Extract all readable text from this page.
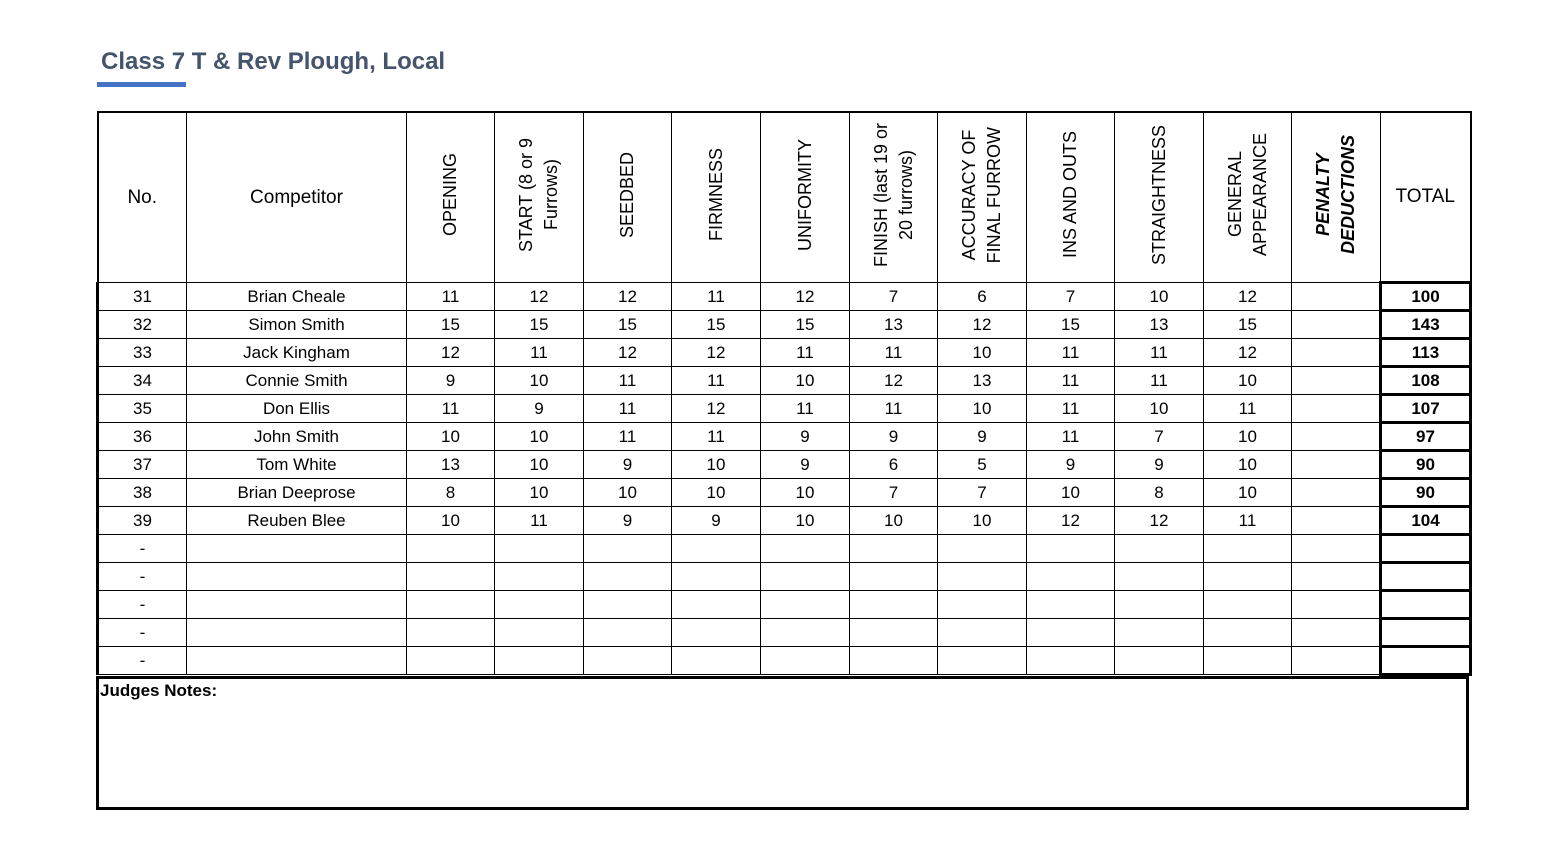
Class 7 T & Rev Plough, Local
No.	Competitor	OPENING	START (8 or 9
Furrows)	SEEDBED	FIRMNESS	UNIFORMITY	FINISH (last 19 or
20 furrows)	ACCURACY OF
FINAL FURROW	INS AND OUTS	STRAIGHTNESS	GENERAL
APPEARANCE	PENALTY
DEDUCTIONS	TOTAL
31	Brian Cheale	11	12	12	11	12	7	6	7	10	12		100
32	Simon Smith	15	15	15	15	15	13	12	15	13	15		143
33	Jack Kingham	12	11	12	12	11	11	10	11	11	12		113
34	Connie Smith	9	10	11	11	10	12	13	11	11	10		108
35	Don Ellis	11	9	11	12	11	11	10	11	10	11		107
36	John Smith	10	10	11	11	9	9	9	11	7	10		97
37	Tom White	13	10	9	10	9	6	5	9	9	10		90
38	Brian Deeprose	8	10	10	10	10	7	7	10	8	10		90
39	Reuben Blee	10	11	9	9	10	10	10	12	12	11		104
-													
-													
-													
-													
-													
Judges Notes:
